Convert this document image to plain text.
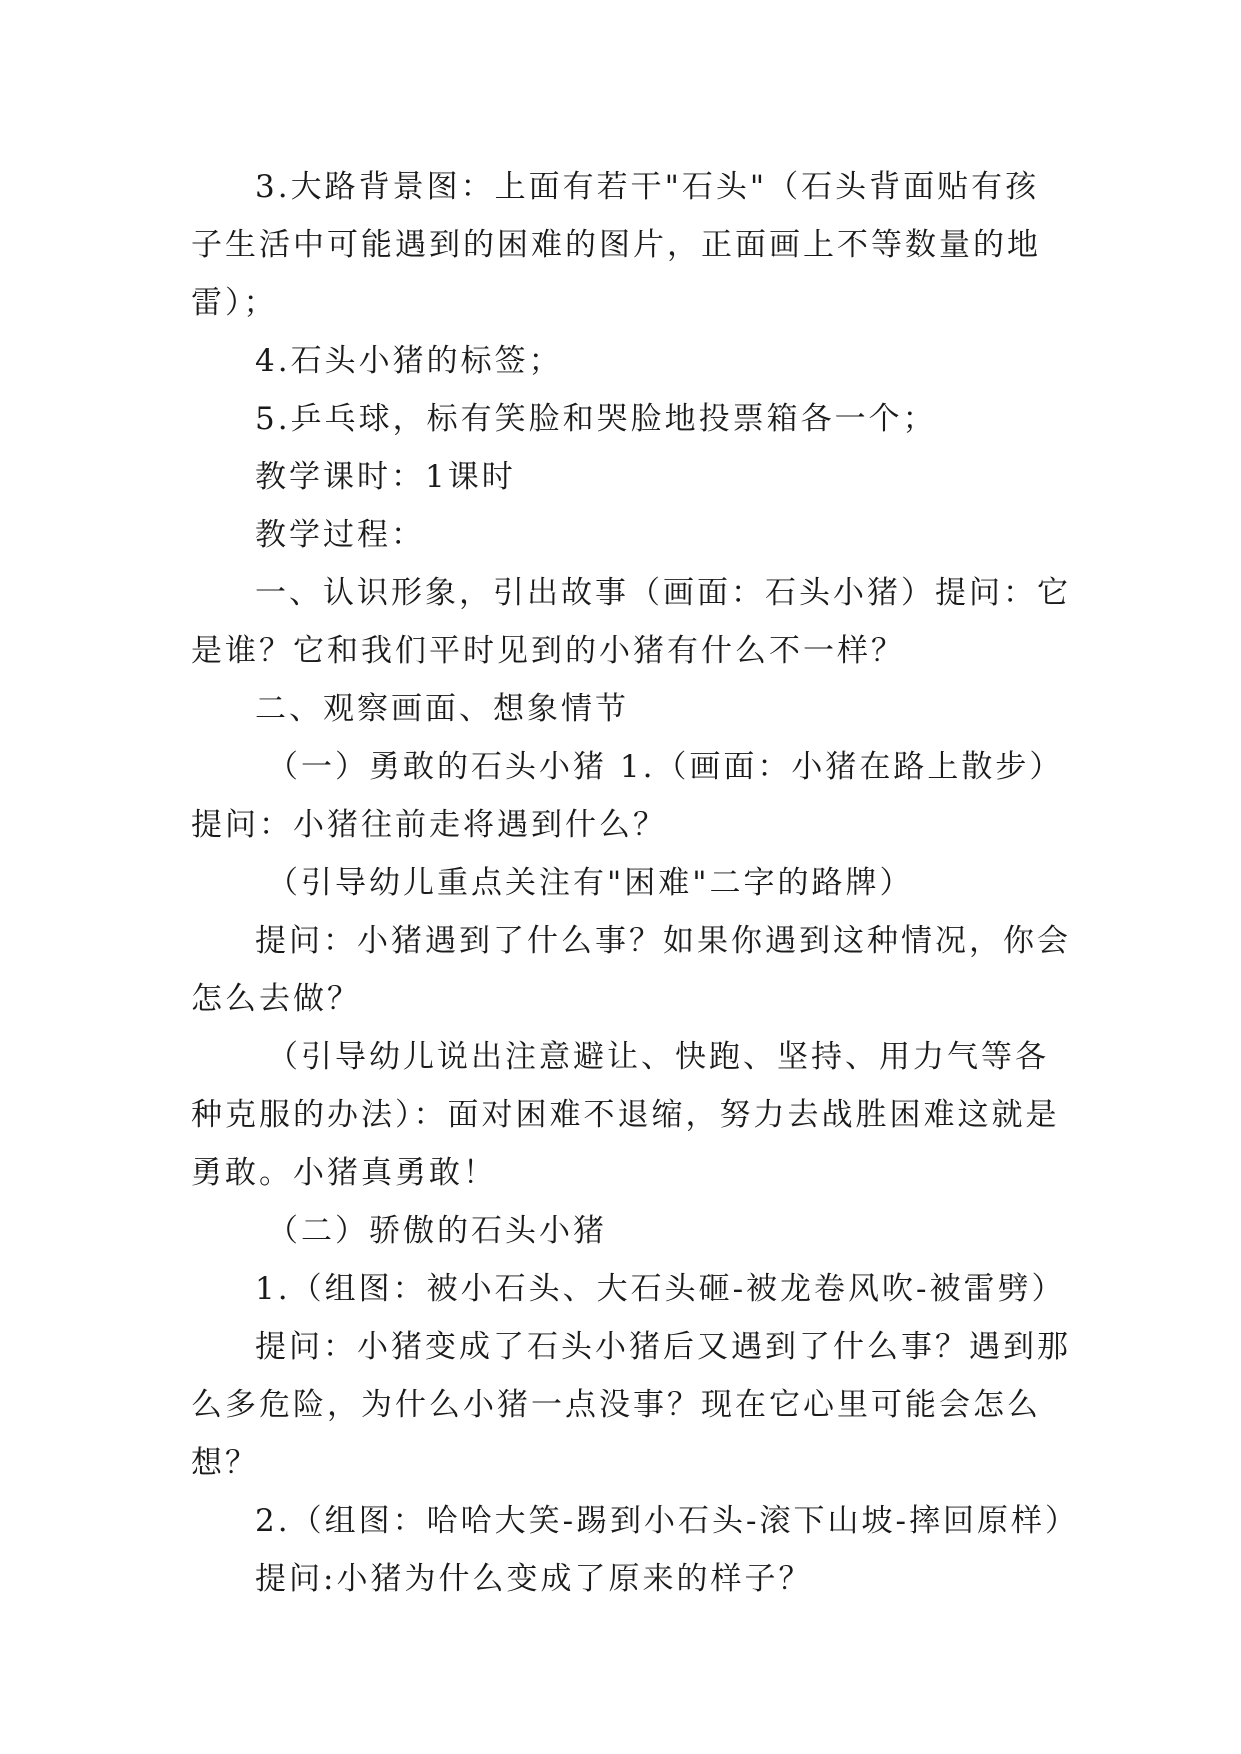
3.大路背景图：上面有若干"石头"（石头背面贴有孩子生活中可能遇到的困难的图片，正面画上不等数量的地雷）；

4.石头小猪的标签；

5.乒乓球，标有笑脸和哭脸地投票箱各一个；

教学课时：1课时

教学过程：

一、认识形象，引出故事（画面：石头小猪）提问：它是谁？它和我们平时见到的小猪有什么不一样？

二、观察画面、想象情节

（一）勇敢的石头小猪 1.（画面：小猪在路上散步）提问：小猪往前走将遇到什么？

（引导幼儿重点关注有"困难"二字的路牌）

提问：小猪遇到了什么事？如果你遇到这种情况，你会怎么去做？

（引导幼儿说出注意避让、快跑、坚持、用力气等各种克服的办法）：面对困难不退缩，努力去战胜困难这就是勇敢。小猪真勇敢！

（二）骄傲的石头小猪

1.（组图：被小石头、大石头砸-被龙卷风吹-被雷劈）

提问：小猪变成了石头小猪后又遇到了什么事？遇到那么多危险，为什么小猪一点没事？现在它心里可能会怎么想？

2.（组图：哈哈大笑-踢到小石头-滚下山坡-摔回原样）

提问:小猪为什么变成了原来的样子？
